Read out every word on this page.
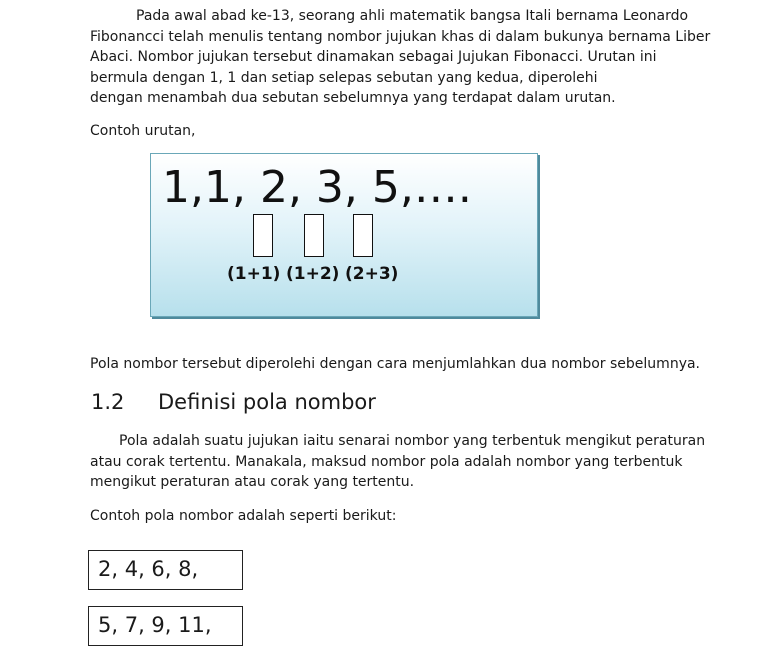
Pada awal abad ke-13, seorang ahli matematik bangsa Itali bernama Leonardo
Fibonancci telah menulis tentang nombor jujukan khas di dalam bukunya bernama Liber
Abaci. Nombor jujukan tersebut dinamakan sebagai Jujukan Fibonacci. Urutan ini
bermula dengan 1, 1 dan setiap selepas sebutan yang kedua, diperolehi
dengan menambah dua sebutan sebelumnya yang terdapat dalam urutan.
Contoh urutan,
1,1, 2, 3, 5,….
(1+1) (1+2) (2+3)
Pola nombor tersebut diperolehi dengan cara menjumlahkan dua nombor sebelumnya.
1.2 Definisi pola nombor
Pola adalah suatu jujukan iaitu senarai nombor yang terbentuk mengikut peraturan
atau corak tertentu. Manakala, maksud nombor pola adalah nombor yang terbentuk
mengikut peraturan atau corak yang tertentu.
Contoh pola nombor adalah seperti berikut:
2, 4, 6, 8,
5, 7, 9, 11,
